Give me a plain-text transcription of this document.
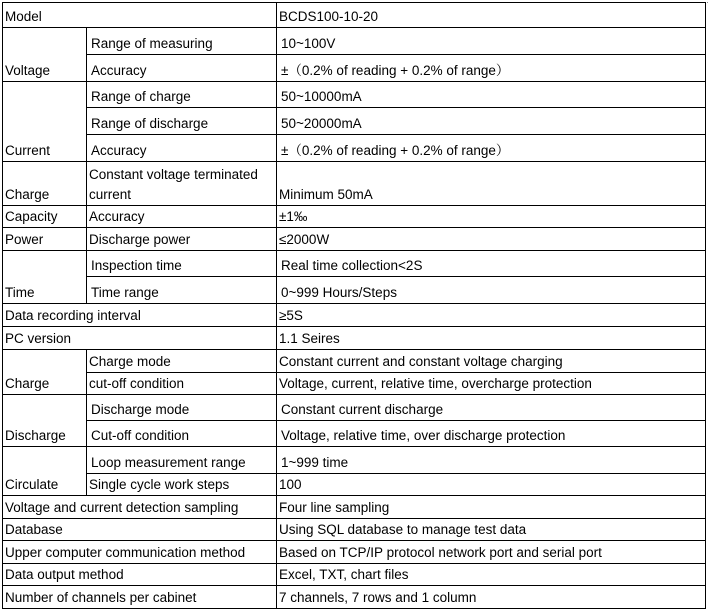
Model		BCDS100-10-20
Voltage	Range of measuring	10~100V
	Accuracy	±（0.2% of reading + 0.2% of range）
Current	Range of charge	50~10000mA
	Range of discharge	50~20000mA
	Accuracy	±（0.2% of reading + 0.2% of range）
Charge	Constant voltage terminated current	Minimum 50mA
Capacity	Accuracy	±1‰
Power	Discharge power	≤2000W
Time	Inspection time	Real time collection<2S
	Time range	0~999 Hours/Steps
Data recording interval		≥5S
PC version		1.1 Seires
Charge	Charge mode	Constant current and constant voltage charging
	cut-off condition	Voltage, current, relative time, overcharge protection
Discharge	Discharge mode	Constant current discharge
	Cut-off condition	Voltage, relative time, over discharge protection
Circulate	Loop measurement range	1~999 time
	Single cycle work steps	100
Voltage and current detection sampling		Four line sampling
Database		Using SQL database to manage test data
Upper computer communication method		Based on TCP/IP protocol network port and serial port
Data output method		Excel, TXT, chart files
Number of channels per cabinet		7 channels, 7 rows and 1 column
